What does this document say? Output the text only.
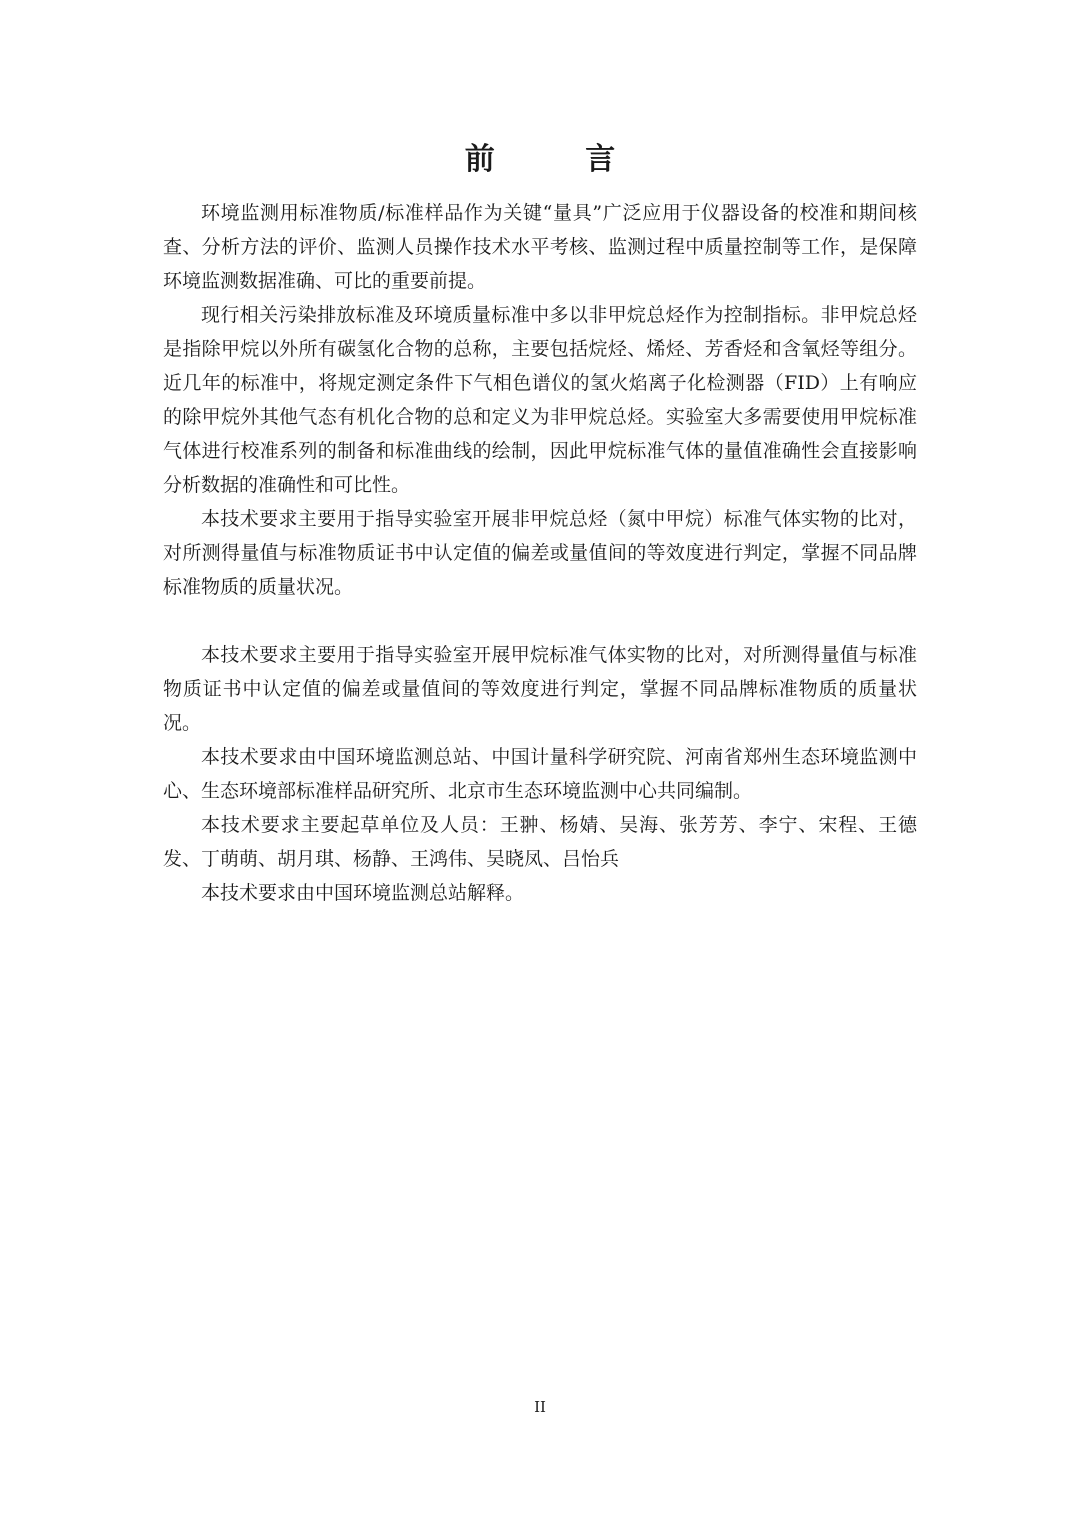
前 言

环境监测用标准物质/标准样品作为关键“量具”广泛应用于仪器设备的校准和期间核查、分析方法的评价、监测人员操作技术水平考核、监测过程中质量控制等工作，是保障环境监测数据准确、可比的重要前提。

现行相关污染排放标准及环境质量标准中多以非甲烷总烃作为控制指标。非甲烷总烃是指除甲烷以外所有碳氢化合物的总称，主要包括烷烃、烯烃、芳香烃和含氧烃等组分。近几年的标准中，将规定测定条件下气相色谱仪的氢火焰离子化检测器（FID）上有响应的除甲烷外其他气态有机化合物的总和定义为非甲烷总烃。实验室大多需要使用甲烷标准气体进行校准系列的制备和标准曲线的绘制，因此甲烷标准气体的量值准确性会直接影响分析数据的准确性和可比性。

本技术要求主要用于指导实验室开展非甲烷总烃（氮中甲烷）标准气体实物的比对，对所测得量值与标准物质证书中认定值的偏差或量值间的等效度进行判定，掌握不同品牌标准物质的质量状况。

本技术要求主要用于指导实验室开展甲烷标准气体实物的比对，对所测得量值与标准物质证书中认定值的偏差或量值间的等效度进行判定，掌握不同品牌标准物质的质量状况。

本技术要求由中国环境监测总站、中国计量科学研究院、河南省郑州生态环境监测中心、生态环境部标准样品研究所、北京市生态环境监测中心共同编制。

本技术要求主要起草单位及人员：王翀、杨婧、吴海、张芳芳、李宁、宋程、王德发、丁萌萌、胡月琪、杨静、王鸿伟、吴晓凤、吕怡兵

本技术要求由中国环境监测总站解释。

II
